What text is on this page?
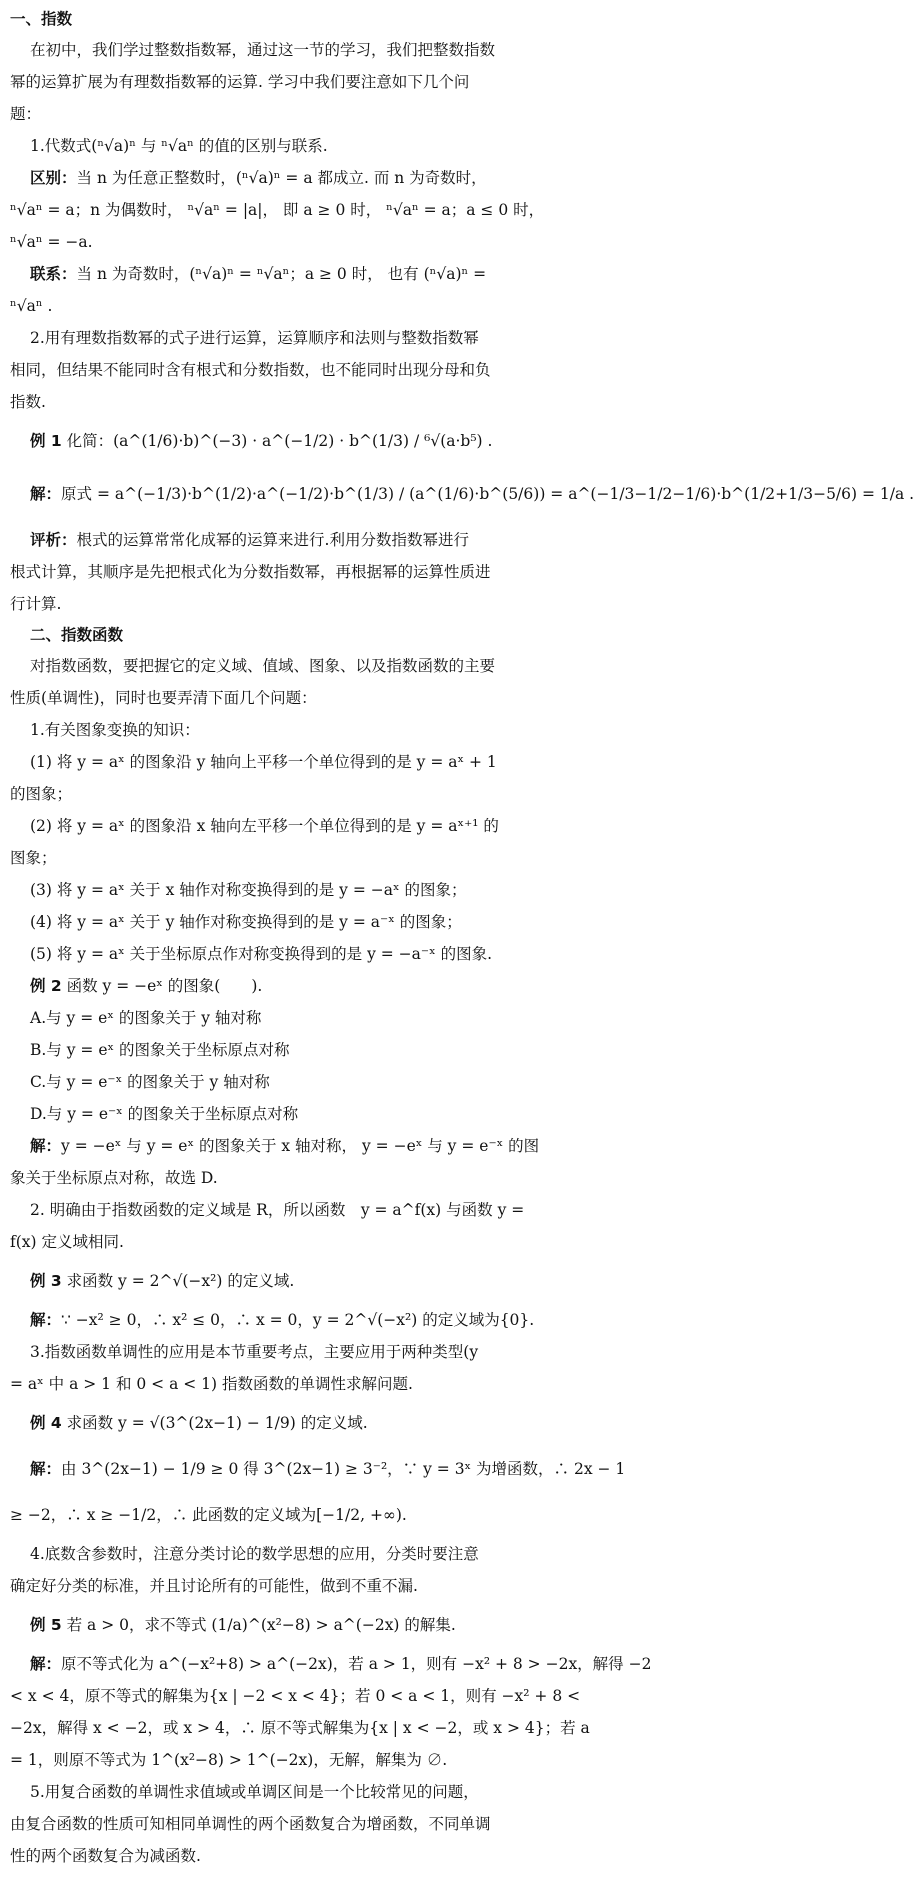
一、指数
在初中，我们学过整数指数幂，通过这一节的学习，我们把整数指数
幂的运算扩展为有理数指数幂的运算. 学习中我们要注意如下几个问
题：
1.代数式(ⁿ√a)ⁿ 与 ⁿ√aⁿ 的值的区别与联系.
区别：当 n 为任意正整数时，(ⁿ√a)ⁿ = a 都成立. 而 n 为奇数时，
ⁿ√aⁿ = a；n 为偶数时， ⁿ√aⁿ = |a|， 即 a ≥ 0 时， ⁿ√aⁿ = a；a ≤ 0 时，
ⁿ√aⁿ = −a.
联系：当 n 为奇数时，(ⁿ√a)ⁿ = ⁿ√aⁿ；a ≥ 0 时， 也有 (ⁿ√a)ⁿ =
ⁿ√aⁿ .
2.用有理数指数幂的式子进行运算，运算顺序和法则与整数指数幂
相同，但结果不能同时含有根式和分数指数，也不能同时出现分母和负
指数.
例 1 化简：(a^(1/6)·b)^(−3) · a^(−1/2) · b^(1/3) / ⁶√(a·b⁵) .
解：原式 = a^(−1/3)·b^(1/2)·a^(−1/2)·b^(1/3) / (a^(1/6)·b^(5/6)) = a^(−1/3−1/2−1/6)·b^(1/2+1/3−5/6) = 1/a .
评析：根式的运算常常化成幂的运算来进行.利用分数指数幂进行
根式计算，其顺序是先把根式化为分数指数幂，再根据幂的运算性质进
行计算.
二、指数函数
对指数函数，要把握它的定义域、值域、图象、以及指数函数的主要
性质(单调性)，同时也要弄清下面几个问题：
1.有关图象变换的知识：
(1) 将 y = aˣ 的图象沿 y 轴向上平移一个单位得到的是 y = aˣ + 1
的图象；
(2) 将 y = aˣ 的图象沿 x 轴向左平移一个单位得到的是 y = aˣ⁺¹ 的
图象；
(3) 将 y = aˣ 关于 x 轴作对称变换得到的是 y = −aˣ 的图象；
(4) 将 y = aˣ 关于 y 轴作对称变换得到的是 y = a⁻ˣ 的图象；
(5) 将 y = aˣ 关于坐标原点作对称变换得到的是 y = −a⁻ˣ 的图象.
例 2 函数 y = −eˣ 的图象(　　).
A.与 y = eˣ 的图象关于 y 轴对称
B.与 y = eˣ 的图象关于坐标原点对称
C.与 y = e⁻ˣ 的图象关于 y 轴对称
D.与 y = e⁻ˣ 的图象关于坐标原点对称
解：y = −eˣ 与 y = eˣ 的图象关于 x 轴对称， y = −eˣ 与 y = e⁻ˣ 的图
象关于坐标原点对称，故选 D.
2. 明确由于指数函数的定义域是 R，所以函数　y = a^f(x) 与函数 y =
f(x) 定义域相同.
例 3 求函数 y = 2^√(−x²) 的定义域.
解：∵ −x² ≥ 0，∴ x² ≤ 0，∴ x = 0，y = 2^√(−x²) 的定义域为{0}.
3.指数函数单调性的应用是本节重要考点，主要应用于两种类型(y
= aˣ 中 a > 1 和 0 < a < 1) 指数函数的单调性求解问题.
例 4 求函数 y = √(3^(2x−1) − 1/9) 的定义域.
解：由 3^(2x−1) − 1/9 ≥ 0 得 3^(2x−1) ≥ 3⁻²，∵ y = 3ˣ 为增函数，∴ 2x − 1
≥ −2，∴ x ≥ −1/2，∴ 此函数的定义域为[−1/2, +∞).
4.底数含参数时，注意分类讨论的数学思想的应用，分类时要注意
确定好分类的标准，并且讨论所有的可能性，做到不重不漏.
例 5 若 a > 0，求不等式 (1/a)^(x²−8) > a^(−2x) 的解集.
解：原不等式化为 a^(−x²+8) > a^(−2x)，若 a > 1，则有 −x² + 8 > −2x，解得 −2
< x < 4，原不等式的解集为{x | −2 < x < 4}；若 0 < a < 1，则有 −x² + 8 <
−2x，解得 x < −2，或 x > 4，∴ 原不等式解集为{x | x < −2，或 x > 4}；若 a
= 1，则原不等式为 1^(x²−8) > 1^(−2x)，无解，解集为 ∅.
5.用复合函数的单调性求值域或单调区间是一个比较常见的问题，
由复合函数的性质可知相同单调性的两个函数复合为增函数，不同单调
性的两个函数复合为减函数.
